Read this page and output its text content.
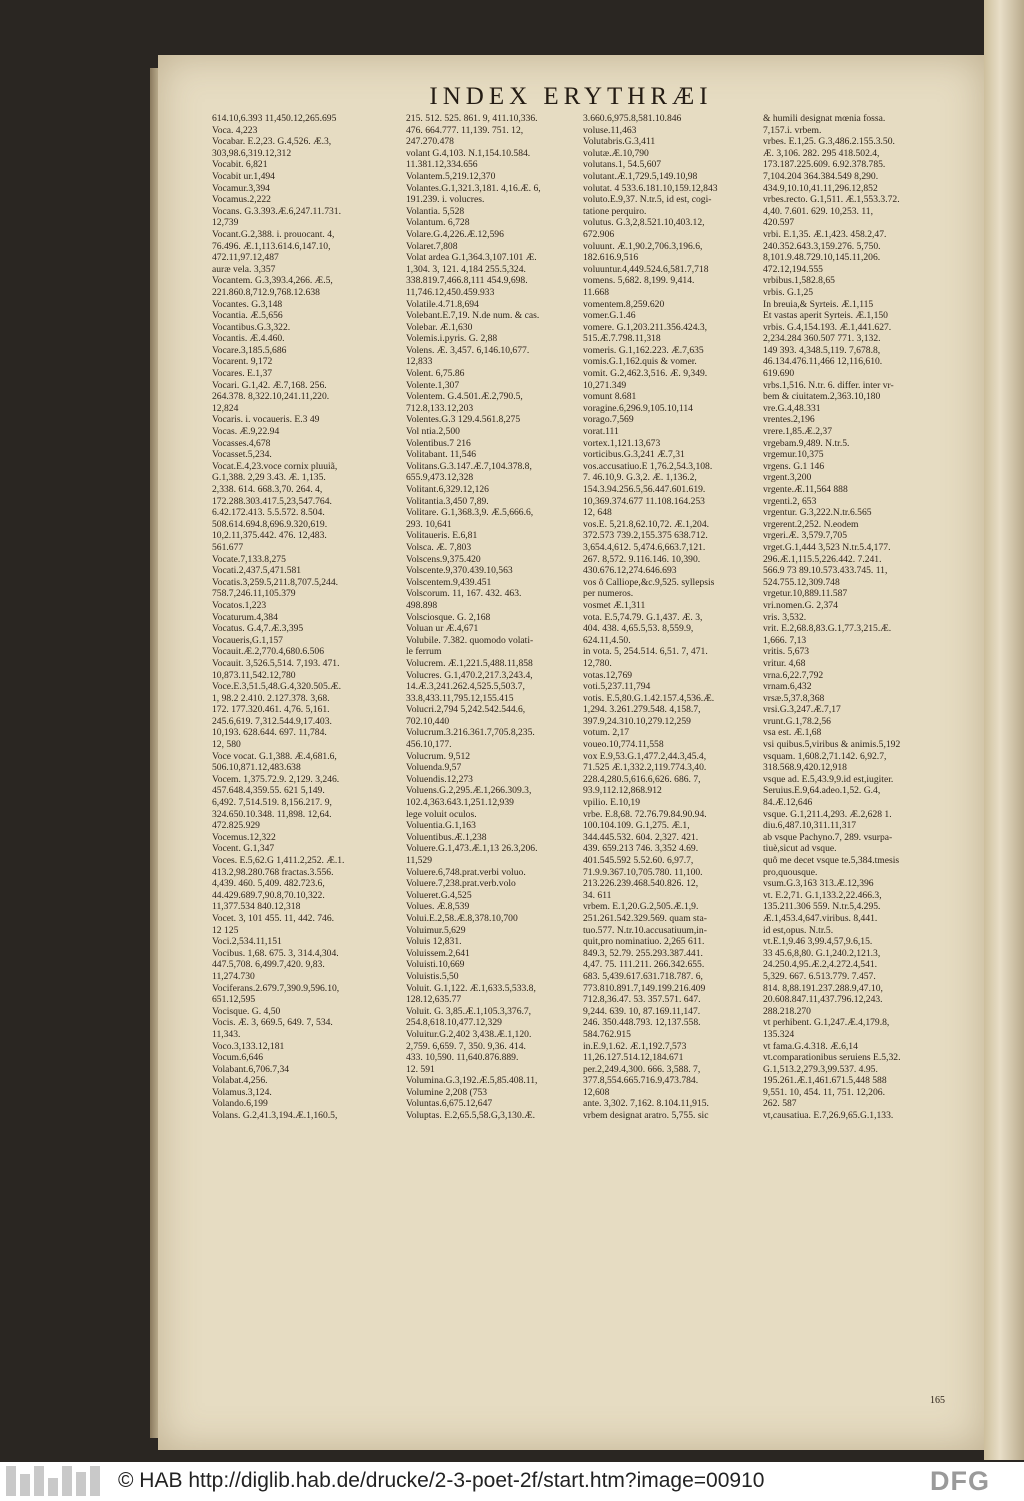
INDEX ERYTHRÆI
614.10,6.393 11,450.12,265.695
Voca. 4,223
Vocabar. E.2,23. G.4,526. Æ.3,
303,98.6,319.12,312
Vocabit. 6,821
Vocabit ur.1,494
Vocamur.3,394
Vocamus.2,222
Vocans. G.3.393.Æ.6,247.11.731.
12,739
Vocant.G.2,388. i. prouocant. 4,
76.496. Æ.1,113.614.6,147.10,
472.11,97.12,487
auræ vela. 3,357
Vocantem. G.3,393.4,266. Æ.5,
221.860.8,712.9,768.12.638
Vocantes. G.3,148
Vocantia. Æ.5,656
Vocantibus.G.3,322.
Vocantis. Æ.4.460.
Vocare.3,185.5,686
Vocarent. 9,172
Vocares. E.1,37
Vocari. G.1,42. Æ.7,168. 256.
264.378. 8,322.10,241.11,220.
12,824
Vocaris. i. vocaueris. E.3 49
Vocas. Æ.9,22.94
Vocasses.4,678
Vocasset.5,234.
Vocat.E.4,23.voce cornix pluuiã,
G.1,388. 2,29 3.43. Æ. 1,135.
2,338. 614. 668.3,70. 264. 4,
172.288.303.417.5,23,547.764.
6.42.172.413. 5.5.572. 8.504.
508.614.694.8,696.9.320,619.
10,2.11,375.442. 476. 12,483.
561.677
Vocate.7,133.8,275
Vocati.2,437.5,471.581
Vocatis.3,259.5,211.8,707.5,244.
758.7,246.11,105.379
Vocatos.1,223
Vocaturum.4,384
Vocatus. G.4,7.Æ.3,395
Vocaueris,G.1,157
Vocauit.Æ.2,770.4,680.6.506
Vocauit. 3,526.5,514. 7,193. 471.
10,873.11,542.12,780
Voce.E.3,51.5,48.G.4,320.505.Æ.
1, 98.2 2.410. 2.127.378. 3,68.
172. 177.320.461. 4,76. 5,161.
245.6,619. 7,312.544.9,17.403.
10,193. 628.644. 697. 11,784.
12, 580
Voce vocat. G.1,388. Æ.4,681.6,
506.10,871.12,483.638
Vocem. 1,375.72.9. 2,129. 3,246.
457.648.4,359.55. 621 5,149.
6,492. 7,514.519. 8,156.217. 9,
324.650.10.348. 11,898. 12,64.
472.825.929
Vocemus.12,322
Vocent. G.1,347
Voces. E.5,62.G 1,411.2,252. Æ.1.
413.2,98.280.768 fractas.3.556.
4,439. 460. 5,409. 482.723.6,
44.429.689.7,90.8,70.10,322.
11,377.534 840.12,318
Vocet. 3, 101 455. 11, 442. 746.
12 125
Voci.2,534.11,151
Vocibus. 1,68. 675. 3, 314.4,304.
447.5,708. 6,499.7,420. 9,83.
11,274.730
Vociferans.2.679.7,390.9,596.10,
651.12,595
Vocisque. G. 4,50
Vocis. Æ. 3, 669.5, 649. 7, 534.
11,343.
Voco.3,133.12,181
Vocum.6,646
Volabant.6,706.7,34
Volabat.4,256.
Volamus.3,124.
Volando.6,199
Volans. G.2,41.3,194.Æ.1,160.5,
215. 512. 525. 861. 9, 411.10,336.
476. 664.777. 11,139. 751. 12,
247.270.478
volant G.4,103. N.1,154.10.584.
11.381.12,334.656
Volantem.5,219.12,370
Volantes.G.1,321.3,181. 4,16.Æ. 6,
191.239. i. volucres.
Volantia. 5,528
Volantum. 6,728
Volare.G.4,226.Æ.12,596
Volaret.7,808
Volat ardea G.1,364.3,107.101 Æ.
1,304. 3, 121. 4,184 255.5,324.
338.819.7,466.8,111 454.9,698.
11,746.12,450.459.933
Volatile.4.71.8,694
Volebant.E.7,19. N.de num. & cas.
Volebar. Æ.1,630
Volemis.i.pyris. G. 2,88
Volens. Æ. 3,457. 6,146.10,677.
12,833
Volent. 6,75.86
Volente.1,307
Volentem. G.4.501.Æ.2,790.5,
712.8,133.12,203
Volentes.G.3 129.4.561.8,275
Vol ntia.2,500
Volentibus.7 216
Volitabant. 11,546
Volitans.G.3.147.Æ.7,104.378.8,
655.9,473.12,328
Volitant.6,329.12,126
Volitantia.3,450 7,89.
Volitare. G.1,368.3,9. Æ.5,666.6,
293. 10,641
Volitaueris. E.6,81
Volsca. Æ. 7,803
Volscens.9,375.420
Volscente.9,370.439.10,563
Volscentem.9,439.451
Volscorum. 11, 167. 432. 463.
498.898
Volsciosque. G. 2,168
Voluan ur Æ.4,671
Volubile. 7.382. quomodo volati-
le ferrum
Volucrem. Æ.1,221.5,488.11,858
Volucres. G.1,470.2,217.3,243.4,
14.Æ.3,241.262.4,525.5,503.7,
33.8,433.11,795.12,155.415
Volucri.2,794 5,242.542.544.6,
702.10,440
Volucrum.3.216.361.7,705.8,235.
456.10,177.
Volucrum. 9,512
Voluenda.9,57
Voluendis.12,273
Voluens.G.2,295.Æ.1,266.309.3,
102.4,363.643.1,251.12,939
lege voluit oculos.
Voluentia.G.1,163
Voluentibus.Æ.1,238
Voluere.G.1,473.Æ.1,13 26.3,206.
11,529
Voluere.6,748.prat.verbi voluo.
Voluere.7,238.prat.verb.volo
Volueret.G.4,525
Volues. Æ.8,539
Volui.E.2,58.Æ.8,378.10,700
Voluimur.5,629
Voluis 12,831.
Voluissem.2,641
Voluisti.10,669
Voluistis.5,50
Voluit. G.1,122. Æ.1,633.5,533.8,
128.12,635.77
Voluit. G. 3,85.Æ.1,105.3,376.7,
254.8,618.10,477.12,329
Voluitur.G.2,402 3,438.Æ.1,120.
2,759. 6,659. 7, 350. 9,36. 414.
433. 10,590. 11,640.876.889.
12. 591
Volumina.G.3,192.Æ.5,85.408.11,
Volumine 2,208 (753
Voluntas.6,675.12,647
Voluptas. E.2,65.5,58.G,3,130.Æ.
3.660.6,975.8,581.10.846
voluse.11,463
Volutabris.G.3,411
volutæ.Æ.10,790
volutans.1, 54.5,607
volutant.Æ.1,729.5,149.10,98
volutat. 4 533.6.181.10,159.12,843
voluto.E.9,37. N.tr.5, id est, cogi-
tatione perquiro.
volutus. G.3,2,8.521.10,403.12,
672.906
voluunt. Æ.1,90.2,706.3,196.6,
182.616.9,516
voluuntur.4,449.524.6,581.7,718
vomens. 5,682. 8,199. 9,414.
11.668
vomentem.8,259.620
vomer.G.1.46
vomere. G.1,203.211.356.424.3,
515.Æ.7.798.11,318
vomeris. G.1,162.223. Æ.7,635
vomis.G.1,162.quis & vomer.
vomit. G.2,462.3,516. Æ. 9,349.
10,271.349
vomunt 8.681
voragine.6,296.9,105.10,114
vorago.7,569
vorat.111
vortex.1,121.13,673
vorticibus.G.3,241 Æ.7,31
vos.accusatiuo.E 1,76.2,54.3,108.
7. 46.10,9. G.3,2. Æ. 1,136.2,
154.3.94.256.5,56.447.601.619.
10,369.374.677 11.108.164.253
12, 648
vos.E. 5,21.8,62.10,72. Æ.1,204.
372.573 739.2,155.375 638.712.
3,654.4,612. 5,474.6,663.7,121.
267. 8,572. 9.116.146. 10,390.
430.676.12,274.646.693
vos ô Calliope,&c.9,525. syllepsis
per numeros.
vosmet Æ.1,311
vota. E.5,74.79. G.1,437. Æ. 3,
404. 438. 4,65.5,53. 8,559.9,
624.11,4.50.
in vota. 5, 254.514. 6,51. 7, 471.
12,780.
votas.12,769
voti.5,237.11,794
votis. E.5,80.G.1.42.157.4,536.Æ.
1,294. 3.261.279.548. 4,158.7,
397.9,24.310.10,279.12,259
votum. 2,17
voueo.10,774.11,558
vox E.9,53.G.1,477.2,44.3,45.4,
71.525 Æ.1,332.2,119.774.3,40.
228.4,280.5,616.6,626. 686. 7,
93.9,112.12,868.912
vpilio. E.10,19
vrbe. E.8,68. 72.76.79.84.90.94.
100.104.109. G.1,275. Æ.1,
344.445.532. 604. 2,327. 421.
439. 659.213 746. 3,352 4.69.
401.545.592 5.52.60. 6,97.7,
71.9.9.367.10,705.780. 11,100.
213.226.239.468.540.826. 12,
34. 611
vrbem. E.1,20.G.2,505.Æ.1,9.
251.261.542.329.569. quam sta-
tuo.577. N.tr.10.accusatiuum,in-
quit,pro nominatiuo. 2,265 611.
849.3, 52.79. 255.293.387.441.
4,47. 75. 111.211. 266.342.655.
683. 5,439.617.631.718.787. 6,
773.810.891.7,149.199.216.409
712.8,36.47. 53. 357.571. 647.
9,244. 639. 10, 87.169.11,147.
246. 350.448.793. 12,137.558.
584.762.915
in.E.9,1.62. Æ.1,192.7,573
11,26.127.514.12,184.671
per.2,249.4,300. 666. 3,588. 7,
377.8,554.665.716.9,473.784.
12,608
ante. 3,302. 7,162. 8.104.11,915.
vrbem designat aratro. 5,755. sic
& humili designat mœnia fossa.
7,157.i. vrbem.
vrbes. E.1,25. G.3,486.2.155.3.50.
Æ. 3,106. 282. 295 418.502.4,
173.187.225.609. 6.92.378.785.
7,104.204 364.384.549 8,290.
434.9,10.10,41.11,296.12,852
vrbes.recto. G.1,511. Æ.1,553.3.72.
4,40. 7.601. 629. 10,253. 11,
420.597
vrbi. E.1,35. Æ.1,423. 458.2,47.
240.352.643.3,159.276. 5,750.
8,101.9.48.729.10,145.11,206.
472.12,194.555
vrbibus.1,582.8,65
vrbis. G.1,25
In breuia,& Syrteis. Æ.1,115
Et vastas aperit Syrteis. Æ.1,150
vrbis. G.4,154.193. Æ.1,441.627.
2,234.284 360.507 771. 3,132.
149 393. 4,348.5,119. 7,678.8,
46.134.476.11,466 12,116,610.
619.690
vrbs.1,516. N.tr. 6. differ. inter vr-
bem & ciuitatem.2,363.10,180
vre.G.4,48.331
vrentes.2,196
vrere.1,85.Æ.2,37
vrgebam.9,489. N.tr.5.
vrgemur.10,375
vrgens. G.1 146
vrgent.3,200
vrgente.Æ.11,564 888
vrgenti.2, 653
vrgentur. G.3,222.N.tr.6.565
vrgerent.2,252. N.eodem
vrgeri.Æ. 3,579.7,705
vrget.G.1,444 3,523 N.tr.5.4,177.
296.Æ.1,115.5,226.442. 7.241.
566.9 73 89.10.573.433.745. 11,
524.755.12,309.748
vrgetur.10,889.11.587
vri.nomen.G. 2,374
vris. 3,532.
vrit. E.2,68.8,83.G.1,77.3,215.Æ.
1,666. 7,13
vritis. 5,673
vritur. 4,68
vrna.6,22.7,792
vrnam.6,432
vrsæ.5,37.8,368
vrsi.G.3,247.Æ.7,17
vrunt.G.1,78.2,56
vsa est. Æ.1,68
vsi quibus.5,viribus & animis.5,192
vsquam. 1,608.2,71.142. 6,92.7,
318.568.9,420.12,918
vsque ad. E.5,43.9,9.id est,iugiter.
Seruius.E.9,64.adeo.1,52. G.4,
84.Æ.12,646
vsque. G.1,211.4,293. Æ.2,628 1.
diu.6,487.10,311.11,317
ab vsque Pachyno.7, 289. vsurpa-
tiuè,sicut ad vsque.
quô me decet vsque te.5,384.tmesis
pro,quousque.
vsum.G.3,163 313.Æ.12,396
vt. E.2,71. G.1,133.2,22.466.3,
135.211.306 559. N.tr.5,4.295.
Æ.1,453.4,647.viribus. 8,441.
id est,opus. N.tr.5.
vt.E.1,9.46 3,99.4,57,9.6,15.
33 45.6,8,80. G.1,240.2,121.3,
24.250.4,95.Æ.2,4.272.4,541.
5,329. 667. 6.513.779. 7.457.
814. 8,88.191.237.288.9,47.10,
20.608.847.11,437.796.12,243.
288.218.270
vt perhibent. G.1,247.Æ.4,179.8,
135.324
vt fama.G.4.318. Æ.6,14
vt.comparationibus seruiens E.5,32.
G.1,513.2,279.3,99.537. 4.95.
195.261.Æ.1,461.671.5,448 588
9,551. 10, 454. 11, 751. 12,206.
262. 587
vt,causatiua. E.7,26.9,65.G.1,133.
165
© HAB http://diglib.hab.de/drucke/2-3-poet-2f/start.htm?image=00910	DFG
